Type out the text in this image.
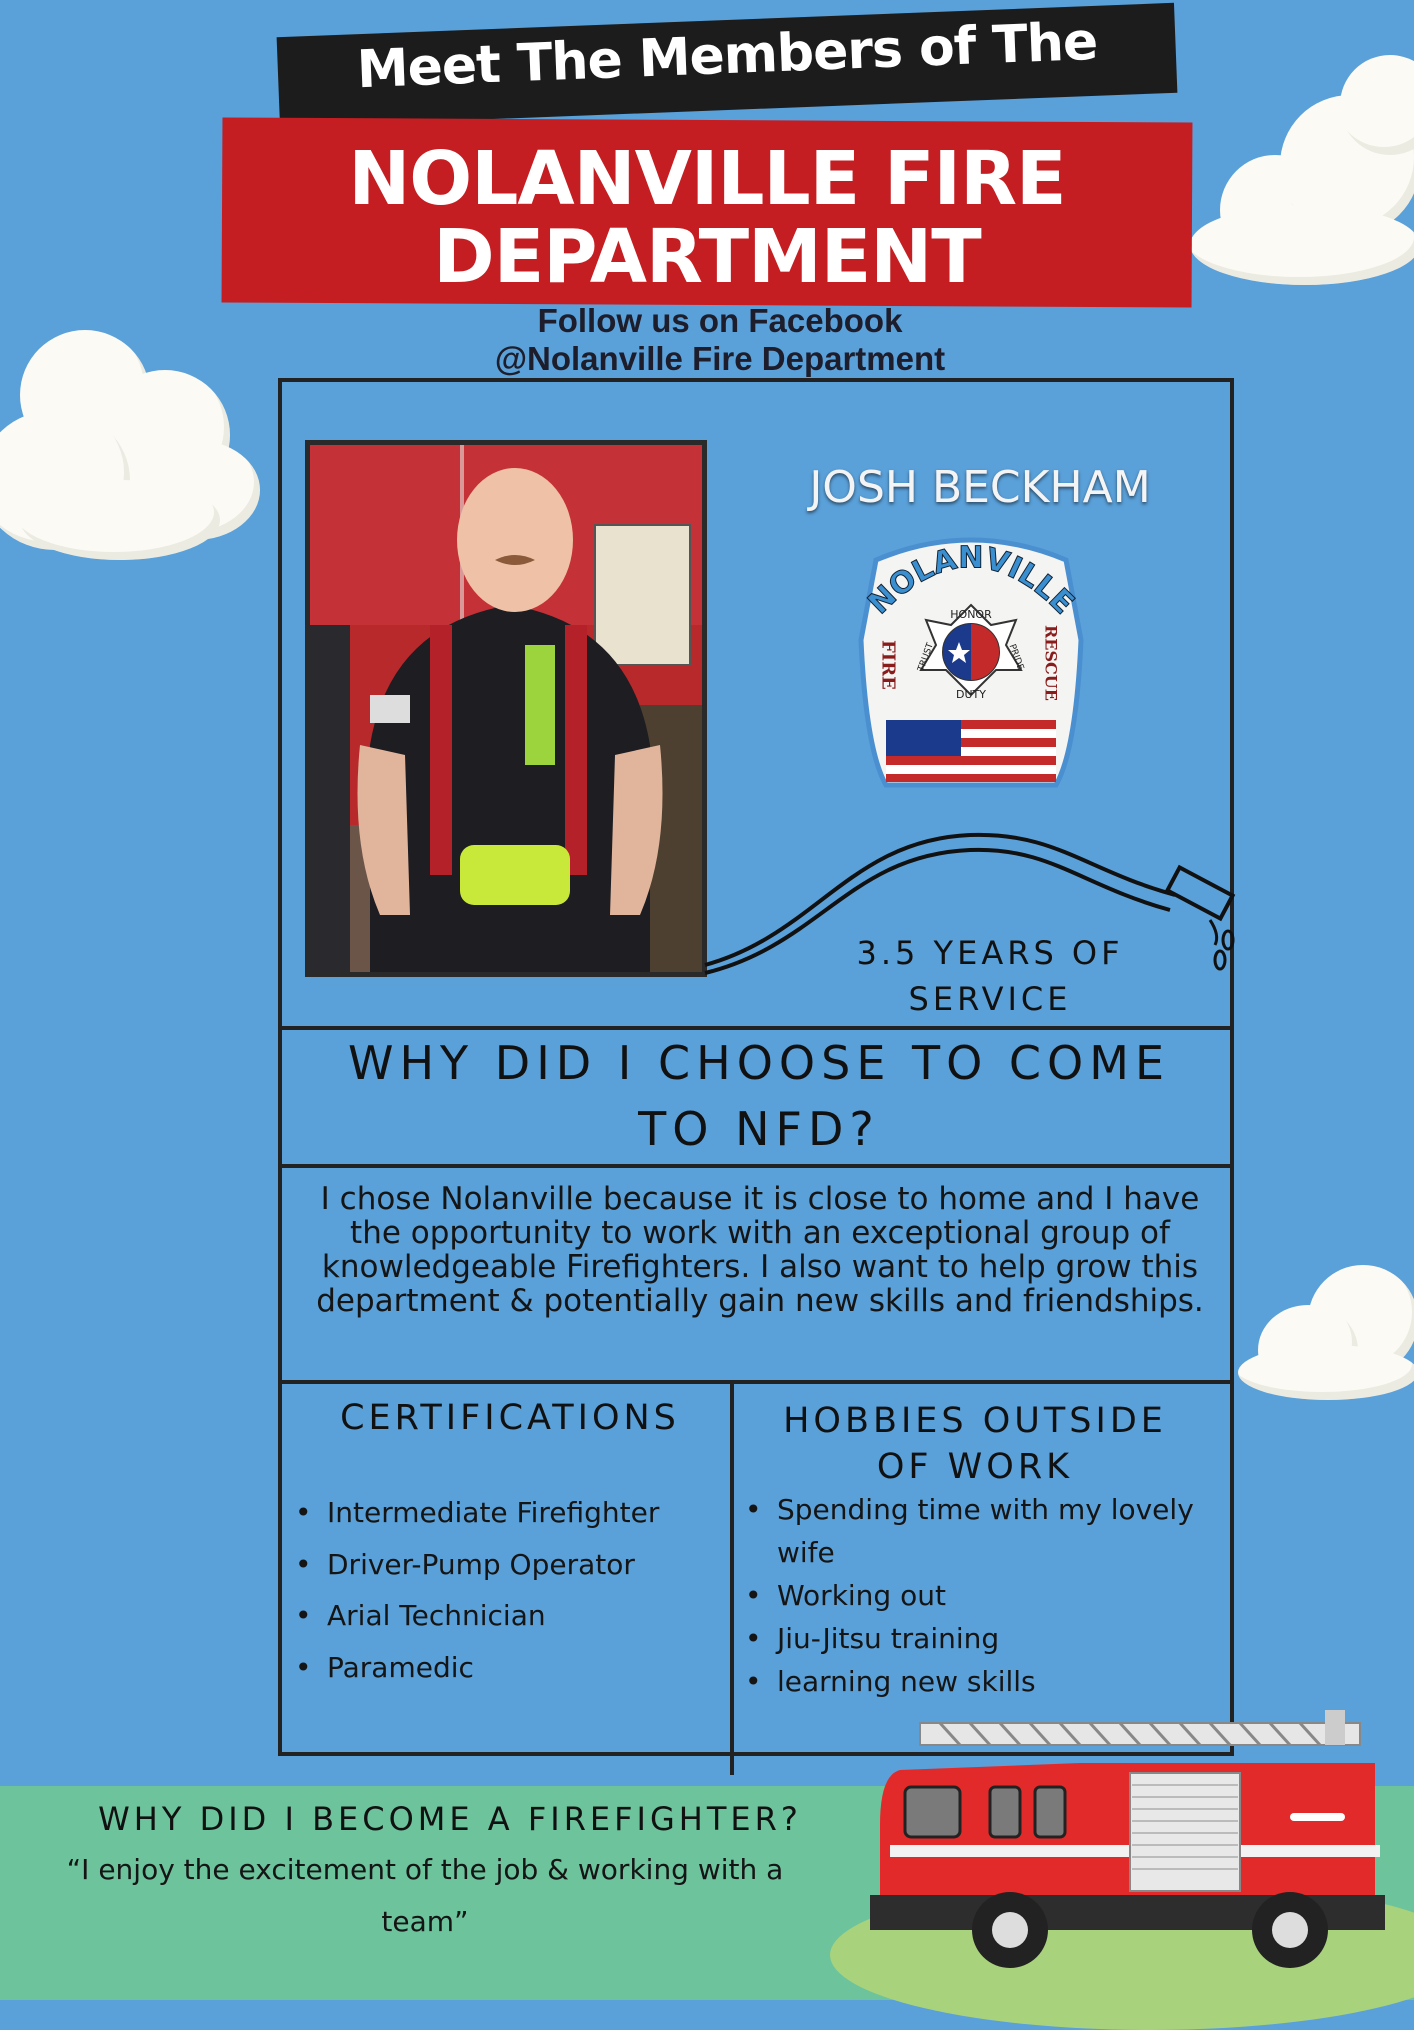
Meet The Members of The
NOLANVILLE FIRE
DEPARTMENT
Follow us on Facebook
@Nolanville Fire Department
JOSH BECKHAM
NOLANVILLE
FIRE	RESCUE
HONOR
DUTY
TRUST	PRIDE
3.5 YEARS OF
SERVICE
WHY DID I CHOOSE TO COME
TO NFD?
I chose Nolanville because it is close to home and I have the opportunity to work with an exceptional group of knowledgeable Firefighters. I also want to help grow this department & potentially gain new skills and friendships.
CERTIFICATIONS
• Intermediate Firefighter
• Driver-Pump Operator
• Arial Technician
• Paramedic
HOBBIES OUTSIDE
OF WORK
• Spending time with my lovely wife
• Working out
• Jiu-Jitsu training
• learning new skills
WHY DID I BECOME A FIREFIGHTER?
“I enjoy the excitement of the job & working with a
team”
